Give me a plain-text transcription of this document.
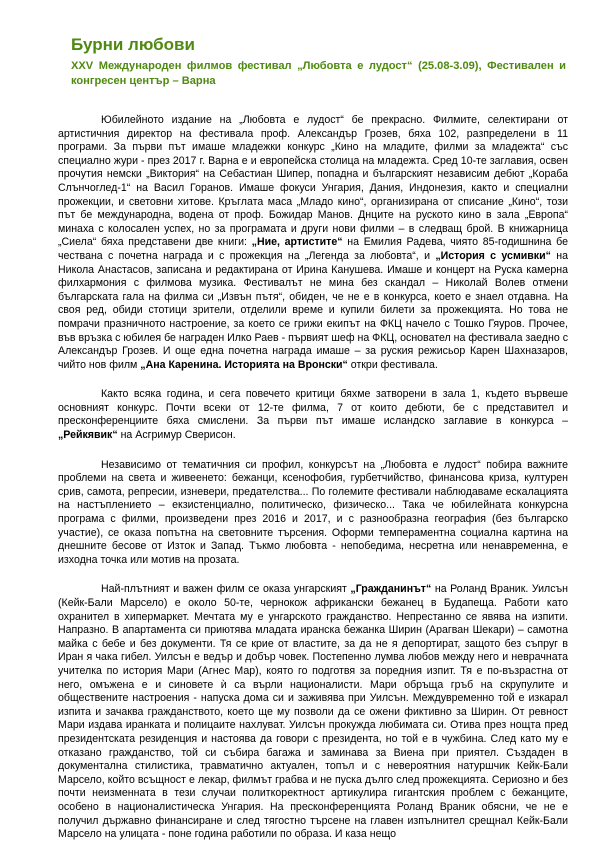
Бурни любови

XXV Международен филмов фестивал „Любовта е лудост“ (25.08-3.09), Фестивален и конгресен център – Варна

Юбилейното издание на „Любовта е лудост“ бе прекрасно. Филмите, селектирани от артистичния директор на фестивала проф. Александър Грозев, бяха 102, разпределени в 11 програми. За първи път имаше младежки конкурс „Кино на младите, филми за младежта“ със специално жури - през 2017 г. Варна е и европейска столица на младежта. Сред 10-те заглавия, освен прочутия немски „Виктория“ на Себастиан Шипер, попадна и българският независим дебют „Кораба Слънчоглед-1“ на Васил Горанов. Имаше фокуси Унгария, Дания, Индонезия, както и специални прожекции, и световни хитове. Кръглата маса „Младо кино“, организирана от списание „Кино“, този път бе международна, водена от проф. Божидар Манов. Днците на руското кино в зала „Европа“ минаха с колосален успех, но за програмата и други нови филми – в следващ брой. В книжарница „Сиела“ бяха представени две книги: „Ние, артистите“ на Емилия Радева, чиято 85-годишнина бе чествана с почетна награда и с прожекция на „Легенда за любовта“, и „История с усмивки“ на Никола Анастасов, записана и редактирана от Ирина Канушева. Имаше и концерт на Руска камерна филхармония с филмова музика. Фестивалът не мина без скандал – Николай Волев отмени българската гала на филма си „Извън пътя“, обиден, че не е в конкурса, което е знаел отдавна. На своя ред, обиди стотици зрители, отделили време и купили билети за прожекцията. Но това не помрачи празничното настроение, за което се грижи екипът на ФКЦ начело с Тошко Гяуров. Прочее, във връзка с юбилея бе награден Илко Раев - първият шеф на ФКЦ, основател на фестивала заедно с Александър Грозев. И още една почетна награда имаше – за руския режисьор Карен Шахназаров, чийто нов филм „Ана Каренина. Историята на Вронски“ откри фестивала.

Както всяка година, и сега повечето критици бяхме затворени в зала 1, където вървеше основният конкурс. Почти всеки от 12-те филма, 7 от които дебюти, бе с представител и пресконференциите бяха смислени. За първи път имаше исландско заглавие в конкурса – „Рейкявик“ на Асгримур Сверисон.

Независимо от тематичния си профил, конкурсът на „Любовта е лудост“ побира важните проблеми на света и живеенето: бежанци, ксенофобия, гурбетчийство, финансова криза, културен срив, самота, репресии, изневери, предателства... По големите фестивали наблюдаваме ескалацията на настъплението – екзистенциално, политическо, физическо... Така че юбилейната конкурсна програма с филми, произведени през 2016 и 2017, и с разнообразна география (без българско участие), се оказа попътна на световните търсения. Оформи темпераментна социална картина на днешните бесове от Изток и Запад. Тъкмо любовта - непобедима, несретна или ненавременна, е изходна точка или мотив на прозата.

Най-плътният и важен филм се оказа унгарският „Гражданинът“ на Роланд Враник. Уилсън (Кейк-Бали Марсело) е около 50-те, чернокож африкански бежанец в Будапеща. Работи като охранител в хипермаркет. Мечтата му е унгарското гражданство. Непрестанно се явява на изпити. Напразно. В апартамента си приютява младата иранска бежанка Ширин (Арагван Шекари) – самотна майка с бебе и без документи. Тя се крие от властите, за да не я депортират, защото без съпруг в Иран я чака гибел. Уилсън е ведър и добър човек. Постепенно лумва любов между него и неврачната учителка по история Мари (Агнес Мар), която го подготвя за поредния изпит. Тя е по-възрастна от него, омъжена е и синовете ѝ са върли националисти. Мари обръща гръб на скрупулите и обществените настроения - напуска дома си и заживява при Уилсън. Междувременно той е изкарал изпита и зачаква гражданството, което ще му позволи да се ожени фиктивно за Ширин. От ревност Мари издава иранката и полицаите нахлуват. Уилсън прокужда любимата си. Отива през нощта пред президентската резиденция и настоява да говори с президента, но той е в чужбина. След като му е отказано гражданство, той си събира багажа и заминава за Виена при приятел. Създаден в документална стилистика, травматично актуален, топъл и с невероятния натуршчик Кейк-Бали Марсело, който всъщност е лекар, филмът грабва и не пуска дълго след прожекцията. Сериозно и без почти неизменната в тези случаи политкоректност артикулира гигантския проблем с бежанците, особено в националистическа Унгария. На пресконференцията Роланд Враник обясни, че не е получил държавно финансиране и след тягостно търсене на главен изпълнител срещнал Кейк-Бали Марсело на улицата - поне година работили по образа. И каза нещо
